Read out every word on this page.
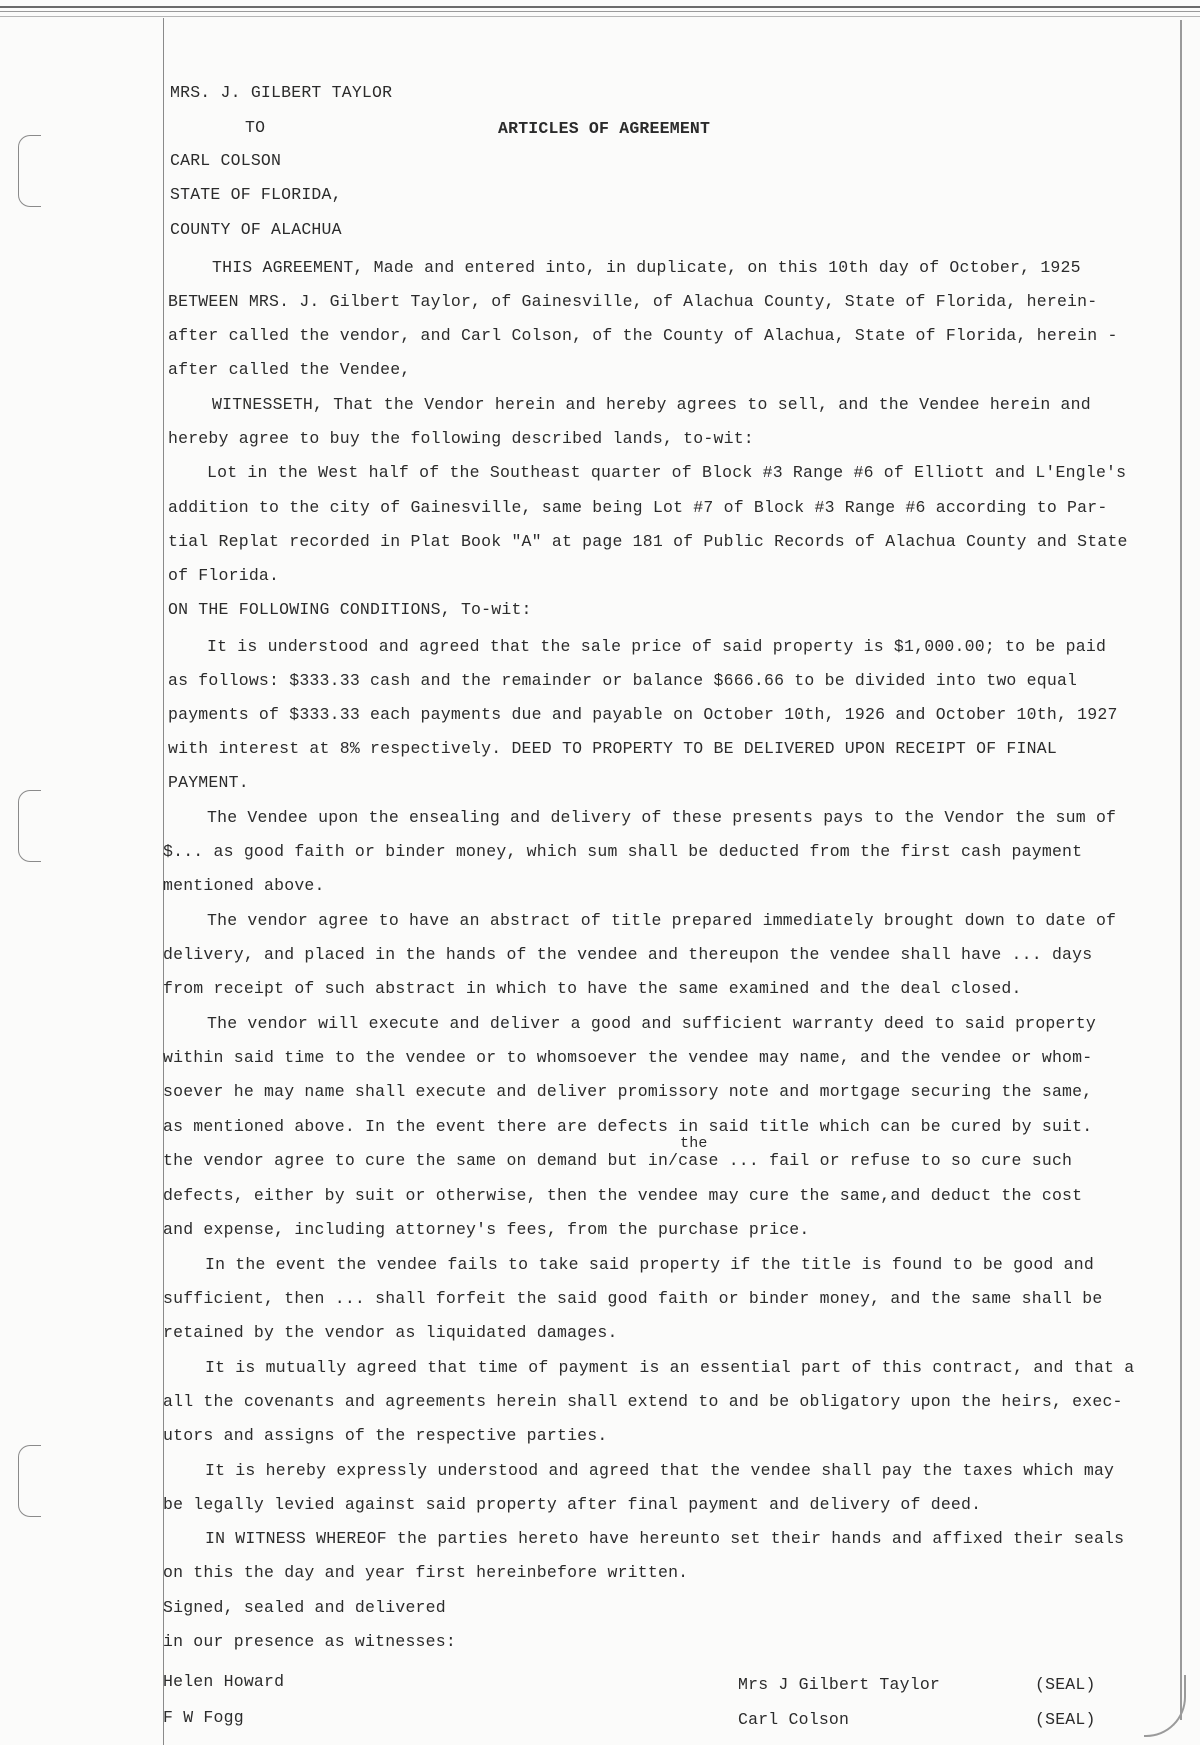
MRS. J. GILBERT TAYLOR
TO	ARTICLES OF AGREEMENT
CARL COLSON
STATE OF FLORIDA,
COUNTY OF ALACHUA
THIS AGREEMENT, Made and entered into, in duplicate, on this 10th day of October, 1925
BETWEEN MRS. J. Gilbert Taylor, of Gainesville, of Alachua County, State of Florida, herein-
after called the vendor, and Carl Colson, of the County of Alachua, State of Florida, herein -
after called the Vendee,
WITNESSETH, That the Vendor herein and hereby agrees to sell, and the Vendee herein and
hereby agree to buy the following described lands, to-wit:
Lot in the West half of the Southeast quarter of Block #3 Range #6 of Elliott and L'Engle's
addition to the city of Gainesville, same being Lot #7 of Block #3 Range #6 according to Par-
tial Replat recorded in Plat Book "A" at page 181 of Public Records of Alachua County and State
of Florida.
ON THE FOLLOWING CONDITIONS, To-wit:
It is understood and agreed that the sale price of said property is $1,000.00; to be paid
as follows: $333.33 cash and the remainder or balance $666.66 to be divided into two equal
payments of $333.33 each payments due and payable on October 10th, 1926 and October 10th, 1927
with interest at 8% respectively. DEED TO PROPERTY TO BE DELIVERED UPON RECEIPT OF FINAL
PAYMENT.
The Vendee upon the ensealing and delivery of these presents pays to the Vendor the sum of
$... as good faith or binder money, which sum shall be deducted from the first cash payment
mentioned above.
The vendor agree to have an abstract of title prepared immediately brought down to date of
delivery, and placed in the hands of the vendee and thereupon the vendee shall have ... days
from receipt of such abstract in which to have the same examined and the deal closed.
The vendor will execute and deliver a good and sufficient warranty deed to said property
within said time to the vendee or to whomsoever the vendee may name, and the vendee or whom-
soever he may name shall execute and deliver promissory note and mortgage securing the same,
as mentioned above. In the event there are defects in said title which can be cured by suit.
the
the vendor agree to cure the same on demand but in/case ... fail or refuse to so cure such
defects, either by suit or otherwise, then the vendee may cure the same,and deduct the cost
and expense, including attorney's fees, from the purchase price.
In the event the vendee fails to take said property if the title is found to be good and
sufficient, then ... shall forfeit the said good faith or binder money, and the same shall be
retained by the vendor as liquidated damages.
It is mutually agreed that time of payment is an essential part of this contract, and that a
all the covenants and agreements herein shall extend to and be obligatory upon the heirs, exec-
utors and assigns of the respective parties.
It is hereby expressly understood and agreed that the vendee shall pay the taxes which may
be legally levied against said property after final payment and delivery of deed.
IN WITNESS WHEREOF the parties hereto have hereunto set their hands and affixed their seals
on this the day and year first hereinbefore written.
Signed, sealed and delivered
in our presence as witnesses:
Helen Howard
F W Fogg
Mrs J Gilbert Taylor
Carl Colson
(SEAL)
(SEAL)
